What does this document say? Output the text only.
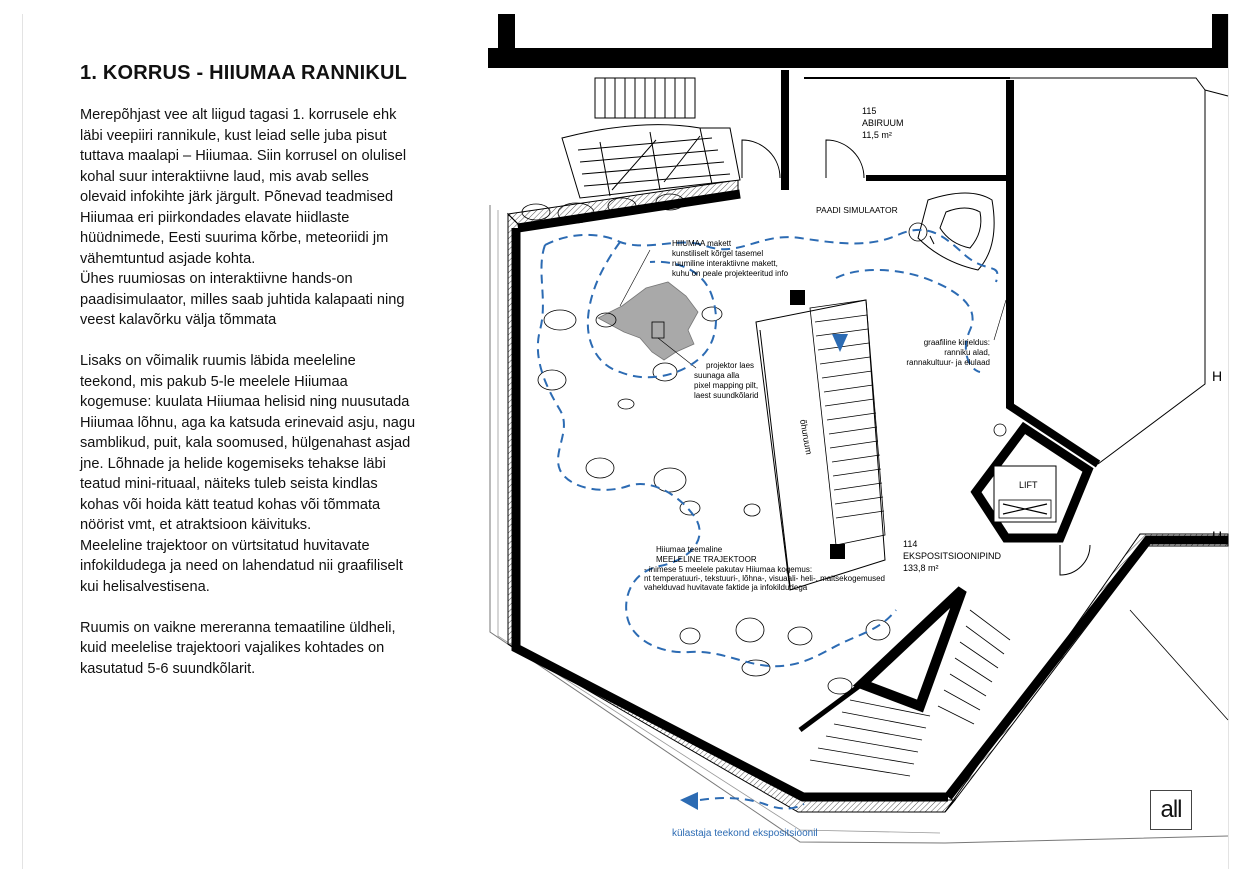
1. KORRUS - HIIUMAA RANNIKUL

Merepõhjast vee alt liigud tagasi 1. korrusele ehk
läbi veepiiri rannikule, kust leiad selle juba pisut
tuttava maalapi – Hiiumaa. Siin korrusel on olulisel
kohal suur interaktiivne laud, mis avab selles
olevaid infokihte järk järgult. Põnevad teadmised
Hiiumaa eri piirkondades elavate hiidlaste
hüüdnimede, Eesti suurima kõrbe, meteoriidi jm
vähemtuntud asjade kohta.
Ühes ruumiosas on interaktiivne hands-on
paadisimulaator, milles saab juhtida kalapaati ning
veest kalavõrku välja tõmmata

Lisaks on võimalik ruumis läbida meeleline
teekond, mis pakub 5-le meelele Hiiumaa
kogemuse: kuulata Hiiumaa helisid ning nuusutada
Hiiumaa lõhnu, aga ka katsuda erinevaid asju, nagu
samblikud, puit, kala soomused, hülgenahast asjad
jne. Lõhnade ja helide kogemiseks tehakse läbi
teatud mini-rituaal, näiteks tuleb seista kindlas
kohas või hoida kätt teatud kohas või tõmmata
nöörist vmt, et atraktsioon käivituks.
Meeleline trajektoor on vürtsitatud huvitavate
infokildudega ja need on lahendatud nii graafiliselt
kui helisalvestisena.

Ruumis on vaikne mereranna temaatiline üldheli,
kuid meelelise trajektoori vajalikes kohtades on
kasutatud 5-6 suundkõlarit.

H
H
õhuruum
LIFT
külastaja teekond ekspositsioonil
115
ABIRUUM
11,5 m²
114
EKSPOSITSIOONIPIND
133,8 m²
PAADI SIMULAATOR
HIIUMAA makett
kunstiliselt kõrgel tasemel
ruumiline interaktiivne makett,
kuhu on peale projekteeritud info
projektor laes
suunaga alla
pixel mapping pilt,
laest suundkõlarid
graafiline kirjeldus:
ranniku alad,
rannakultuur- ja elulaad
Hiiumaa teemaline
MEELELINE TRAJEKTOOR
- inimese 5 meelele pakutav Hiiumaa kogemus:
nt temperatuuri-, tekstuuri-, lõhna-, visuaali- heli-, maitsekogemused
vahelduvad huvitavate faktide ja infokildudega
all
